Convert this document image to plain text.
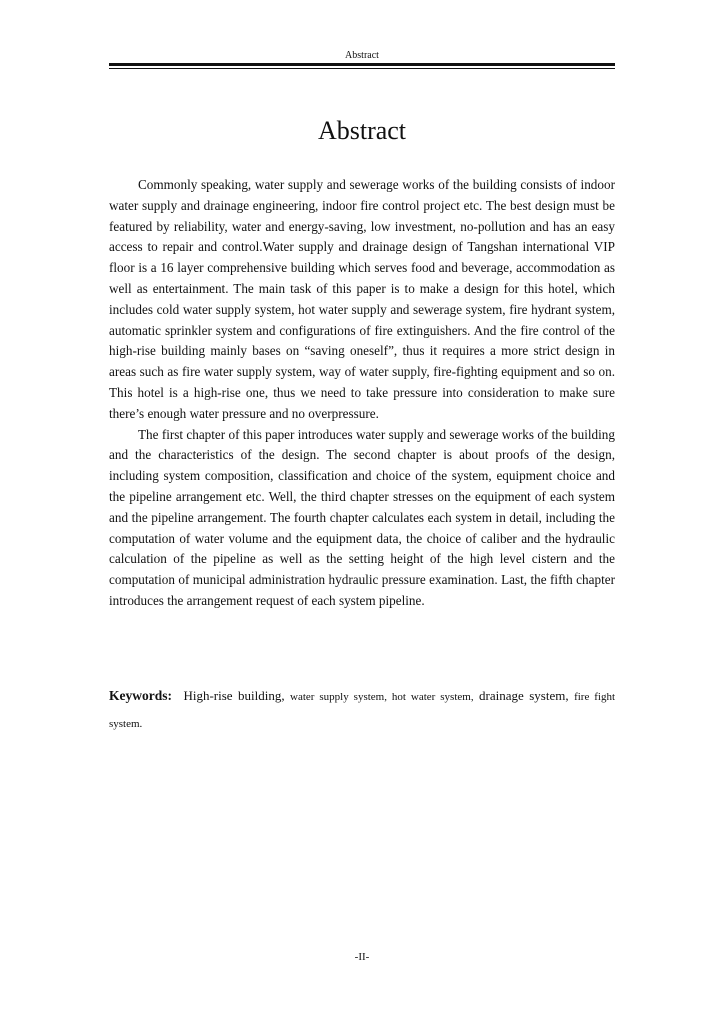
Abstract
Abstract

Commonly speaking, water supply and sewerage works of the building consists of indoor water supply and drainage engineering, indoor fire control project etc. The best design must be featured by reliability, water and energy-saving, low investment, no-pollution and has an easy access to repair and control.Water supply and drainage design of Tangshan international VIP floor is a 16 layer comprehensive building which serves food and beverage, accommodation as well as entertainment. The main task of this paper is to make a design for this hotel, which includes cold water supply system, hot water supply and sewerage system, fire hydrant system, automatic sprinkler system and configurations of fire extinguishers. And the fire control of the high-rise building mainly bases on “saving oneself”, thus it requires a more strict design in areas such as fire water supply system, way of water supply, fire-fighting equipment and so on. This hotel is a high-rise one, thus we need to take pressure into consideration to make sure there’s enough water pressure and no overpressure.

The first chapter of this paper introduces water supply and sewerage works of the building and the characteristics of the design. The second chapter is about proofs of the design, including system composition, classification and choice of the system, equipment choice and the pipeline arrangement etc. Well, the third chapter stresses on the equipment of each system and the pipeline arrangement. The fourth chapter calculates each system in detail, including the computation of water volume and the equipment data, the choice of caliber and the hydraulic calculation of the pipeline as well as the setting height of the high level cistern and the computation of municipal administration hydraulic pressure examination. Last, the fifth chapter introduces the arrangement request of each system pipeline.

Keywords: High-rise building, water supply system, hot water system, drainage system, fire fight system.
-II-
